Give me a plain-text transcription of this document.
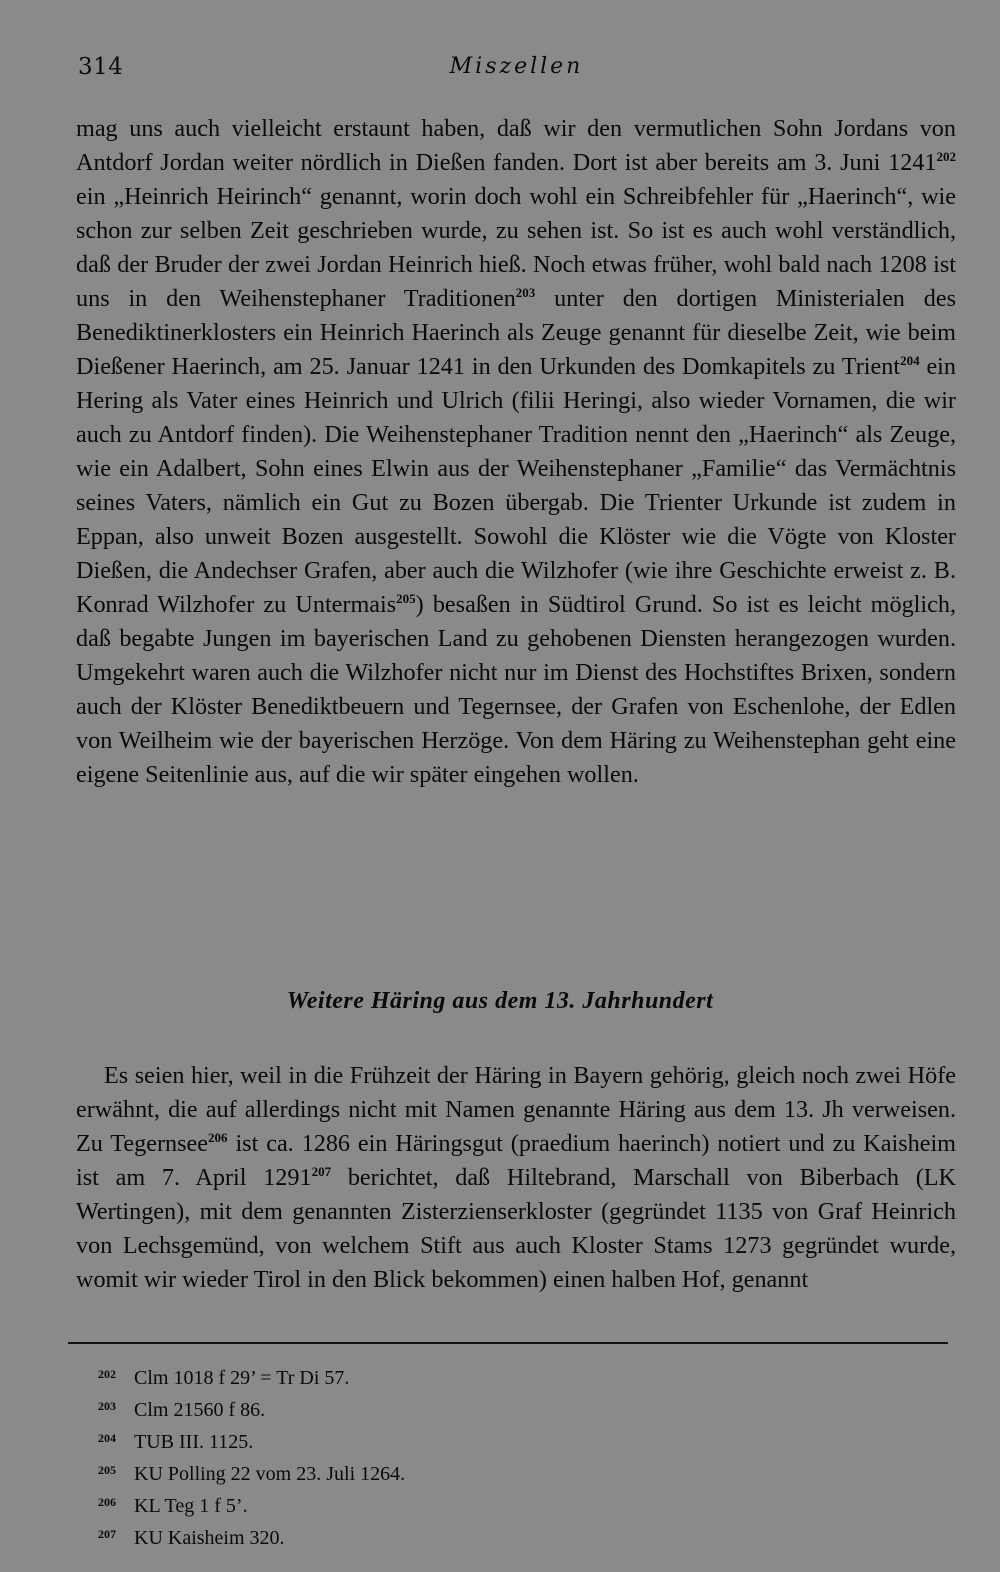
314	Miszellen

mag uns auch vielleicht erstaunt haben, daß wir den vermutlichen Sohn Jordans von Antdorf Jordan weiter nördlich in Dießen fanden. Dort ist aber bereits am 3. Juni 1241$^{202}$ ein „Heinrich Heirinch“ genannt, worin doch wohl ein Schreibfehler für „Haerinch“, wie schon zur selben Zeit geschrieben wurde, zu sehen ist. So ist es auch wohl verständlich, daß der Bruder der zwei Jordan Heinrich hieß. Noch etwas früher, wohl bald nach 1208 ist uns in den Weihenstephaner Traditionen$^{203}$ unter den dortigen Ministerialen des Benediktinerklosters ein Heinrich Haerinch als Zeuge genannt für dieselbe Zeit, wie beim Dießener Haerinch, am 25. Januar 1241 in den Urkunden des Domkapitels zu Trient$^{204}$ ein Hering als Vater eines Heinrich und Ulrich (filii Heringi, also wieder Vornamen, die wir auch zu Antdorf finden). Die Weihenstephaner Tradition nennt den „Haerinch“ als Zeuge, wie ein Adalbert, Sohn eines Elwin aus der Weihenstephaner „Familie“ das Vermächtnis seines Vaters, nämlich ein Gut zu Bozen übergab. Die Trienter Urkunde ist zudem in Eppan, also unweit Bozen ausgestellt. Sowohl die Klöster wie die Vögte von Kloster Dießen, die Andechser Grafen, aber auch die Wilzhofer (wie ihre Geschichte erweist z. B. Konrad Wilzhofer zu Untermais$^{205}$) besaßen in Südtirol Grund. So ist es leicht möglich, daß begabte Jungen im bayerischen Land zu gehobenen Diensten herangezogen wurden. Umgekehrt waren auch die Wilzhofer nicht nur im Dienst des Hochstiftes Brixen, sondern auch der Klöster Benediktbeuern und Tegernsee, der Grafen von Eschenlohe, der Edlen von Weilheim wie der bayerischen Herzöge. Von dem Häring zu Weihenstephan geht eine eigene Seitenlinie aus, auf die wir später eingehen wollen.

Weitere Häring aus dem 13. Jahrhundert

Es seien hier, weil in die Frühzeit der Häring in Bayern gehörig, gleich noch zwei Höfe erwähnt, die auf allerdings nicht mit Namen genannte Häring aus dem 13. Jh verweisen. Zu Tegernsee$^{206}$ ist ca. 1286 ein Häringsgut (praedium haerinch) notiert und zu Kaisheim ist am 7. April 1291$^{207}$ berichtet, daß Hiltebrand, Marschall von Biberbach (LK Wertingen), mit dem genannten Zisterzienserkloster (gegründet 1135 von Graf Heinrich von Lechsgemünd, von welchem Stift aus auch Kloster Stams 1273 gegründet wurde, womit wir wieder Tirol in den Blick bekommen) einen halben Hof, genannt

202 Clm 1018 f 29’ = Tr Di 57.
203 Clm 21560 f 86.
204 TUB III. 1125.
205 KU Polling 22 vom 23. Juli 1264.
206 KL Teg 1 f 5’.
207 KU Kaisheim 320.
